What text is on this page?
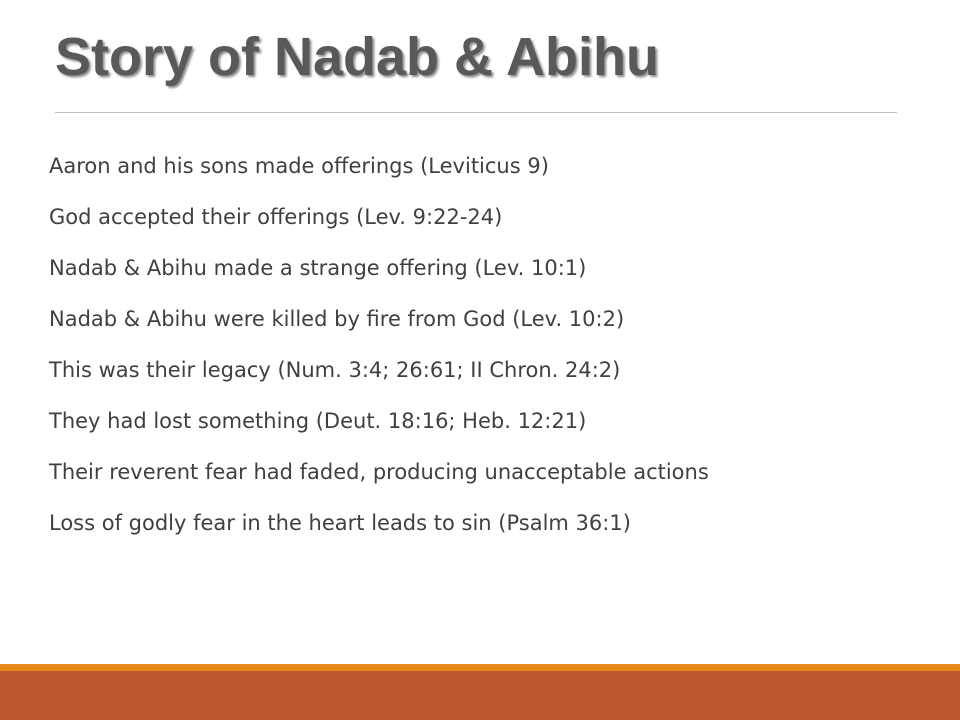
Story of Nadab & Abihu
Aaron and his sons made offerings (Leviticus 9)
God accepted their offerings (Lev. 9:22-24)
Nadab & Abihu made a strange offering (Lev. 10:1)
Nadab & Abihu were killed by fire from God (Lev. 10:2)
This was their legacy (Num. 3:4; 26:61; II Chron. 24:2)
They had lost something (Deut. 18:16; Heb. 12:21)
Their reverent fear had faded, producing unacceptable actions
Loss of godly fear in the heart leads to sin (Psalm 36:1)
